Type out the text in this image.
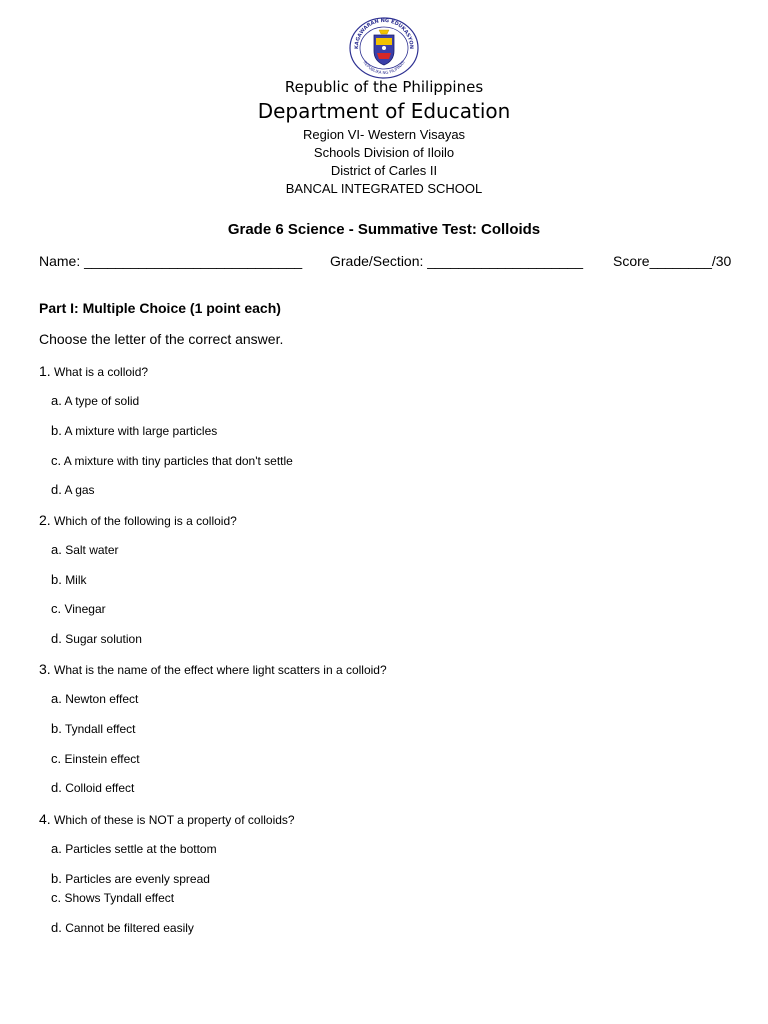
KAGAWARAN NG EDUKASYON
REPUBLIKA NG PILIPINAS
Republic of the Philippines
Department of Education
Region VI- Western Visayas
Schools Division of Iloilo
District of Carles II
BANCAL INTEGRATED SCHOOL
Grade 6 Science - Summative Test: Colloids
Name: ____________________________ Grade/Section: ____________________ Score________/30
Part I: Multiple Choice (1 point each)
Choose the letter of the correct answer.
1. What is a colloid?
a. A type of solid
b. A mixture with large particles
c. A mixture with tiny particles that don't settle
d. A gas
2. Which of the following is a colloid?
a. Salt water
b. Milk
c. Vinegar
d. Sugar solution
3. What is the name of the effect where light scatters in a colloid?
a. Newton effect
b. Tyndall effect
c. Einstein effect
d. Colloid effect
4. Which of these is NOT a property of colloids?
a. Particles settle at the bottom
b. Particles are evenly spread
c. Shows Tyndall effect
d. Cannot be filtered easily
